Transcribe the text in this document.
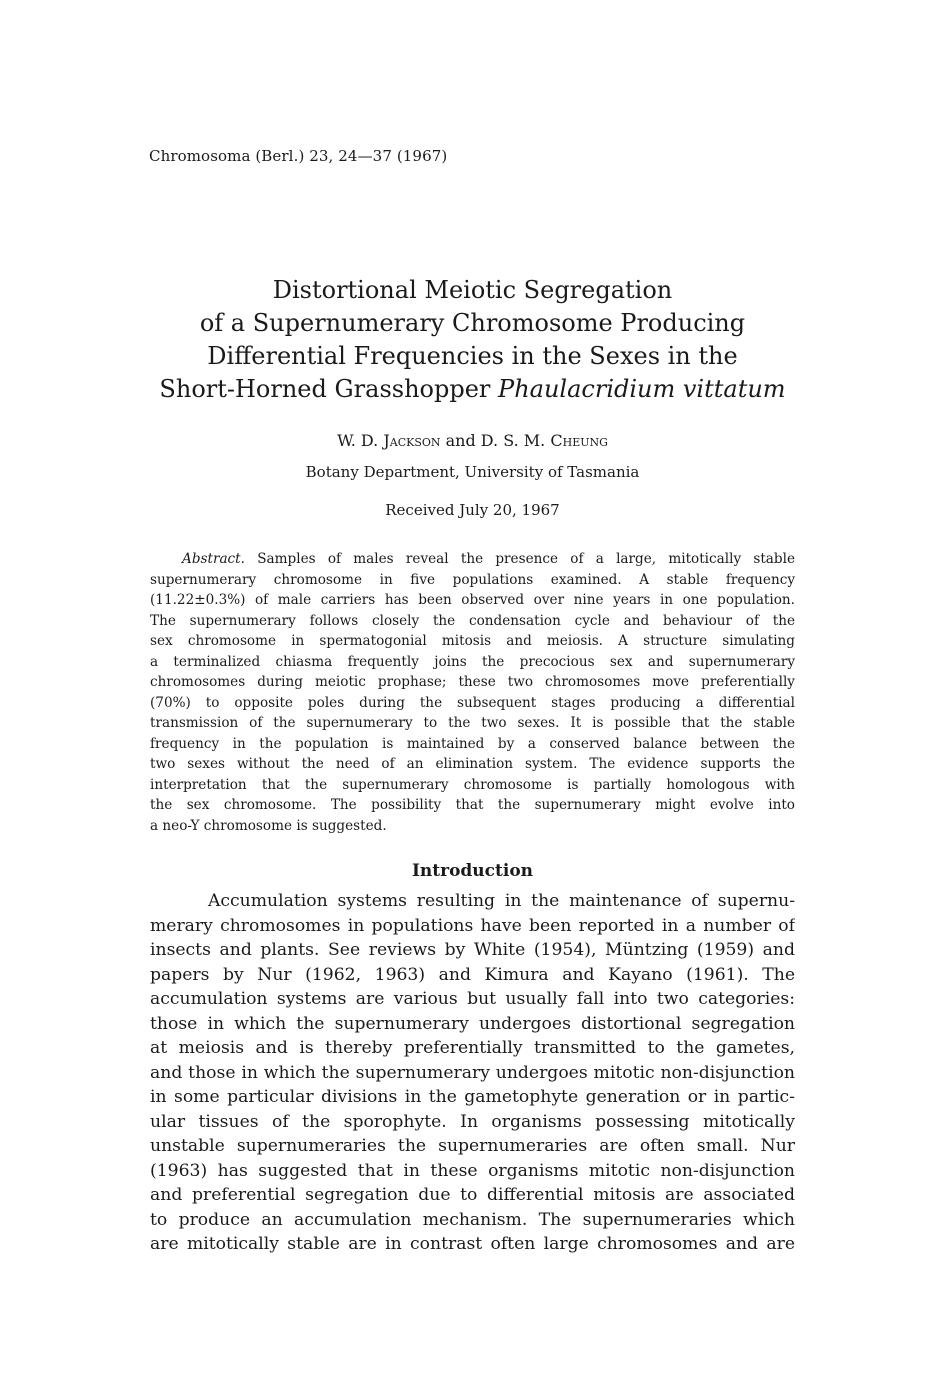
Chromosoma (Berl.) 23, 24—37 (1967)
Distortional Meiotic Segregation
of a Supernumerary Chromosome Producing
Differential Frequencies in the Sexes in the
Short-Horned Grasshopper Phaulacridium vittatum
W. D. Jackson and D. S. M. Cheung
Botany Department, University of Tasmania
Received July 20, 1967
Abstract. Samples of males reveal the presence of a large, mitotically stable
supernumerary chromosome in five populations examined. A stable frequency
(11.22±0.3%) of male carriers has been observed over nine years in one population.
The supernumerary follows closely the condensation cycle and behaviour of the
sex chromosome in spermatogonial mitosis and meiosis. A structure simulating
a terminalized chiasma frequently joins the precocious sex and supernumerary
chromosomes during meiotic prophase; these two chromosomes move preferentially
(70%) to opposite poles during the subsequent stages producing a differential
transmission of the supernumerary to the two sexes. It is possible that the stable
frequency in the population is maintained by a conserved balance between the
two sexes without the need of an elimination system. The evidence supports the
interpretation that the supernumerary chromosome is partially homologous with
the sex chromosome. The possibility that the supernumerary might evolve into
a neo-Y chromosome is suggested.
Introduction
Accumulation systems resulting in the maintenance of supernu-
merary chromosomes in populations have been reported in a number of
insects and plants. See reviews by White (1954), Müntzing (1959) and
papers by Nur (1962, 1963) and Kimura and Kayano (1961). The
accumulation systems are various but usually fall into two categories:
those in which the supernumerary undergoes distortional segregation
at meiosis and is thereby preferentially transmitted to the gametes,
and those in which the supernumerary undergoes mitotic non-disjunction
in some particular divisions in the gametophyte generation or in partic-
ular tissues of the sporophyte. In organisms possessing mitotically
unstable supernumeraries the supernumeraries are often small. Nur
(1963) has suggested that in these organisms mitotic non-disjunction
and preferential segregation due to differential mitosis are associated
to produce an accumulation mechanism. The supernumeraries which
are mitotically stable are in contrast often large chromosomes and are
